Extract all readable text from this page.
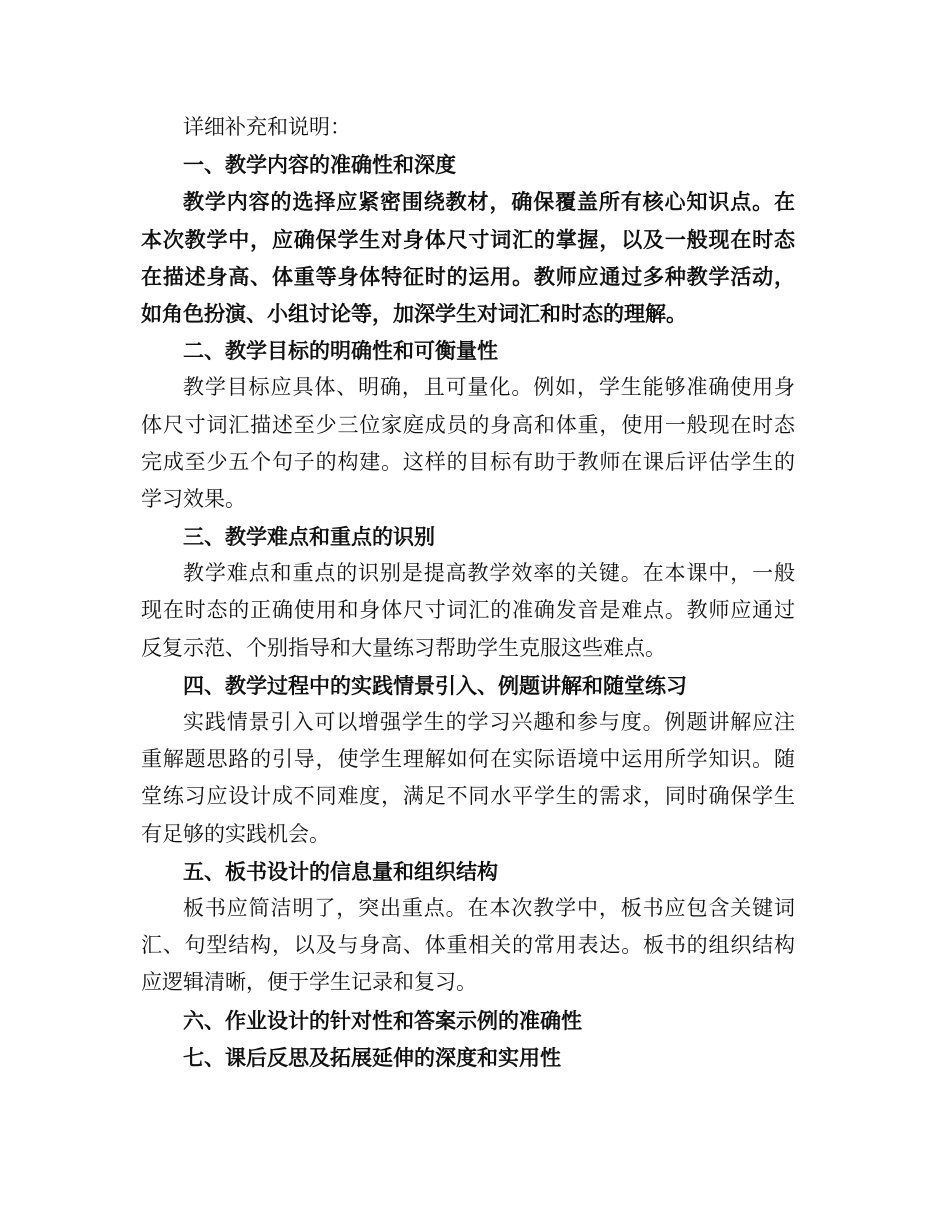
详细补充和说明：
一、教学内容的准确性和深度
教学内容的选择应紧密围绕教材，确保覆盖所有核心知识点。在
本次教学中，应确保学生对身体尺寸词汇的掌握，以及一般现在时态
在描述身高、体重等身体特征时的运用。教师应通过多种教学活动，
如角色扮演、小组讨论等，加深学生对词汇和时态的理解。
二、教学目标的明确性和可衡量性
教学目标应具体、明确，且可量化。例如，学生能够准确使用身
体尺寸词汇描述至少三位家庭成员的身高和体重，使用一般现在时态
完成至少五个句子的构建。这样的目标有助于教师在课后评估学生的
学习效果。
三、教学难点和重点的识别
教学难点和重点的识别是提高教学效率的关键。在本课中，一般
现在时态的正确使用和身体尺寸词汇的准确发音是难点。教师应通过
反复示范、个别指导和大量练习帮助学生克服这些难点。
四、教学过程中的实践情景引入、例题讲解和随堂练习
实践情景引入可以增强学生的学习兴趣和参与度。例题讲解应注
重解题思路的引导，使学生理解如何在实际语境中运用所学知识。随
堂练习应设计成不同难度，满足不同水平学生的需求，同时确保学生
有足够的实践机会。
五、板书设计的信息量和组织结构
板书应简洁明了，突出重点。在本次教学中，板书应包含关键词
汇、句型结构，以及与身高、体重相关的常用表达。板书的组织结构
应逻辑清晰，便于学生记录和复习。
六、作业设计的针对性和答案示例的准确性
七、课后反思及拓展延伸的深度和实用性
